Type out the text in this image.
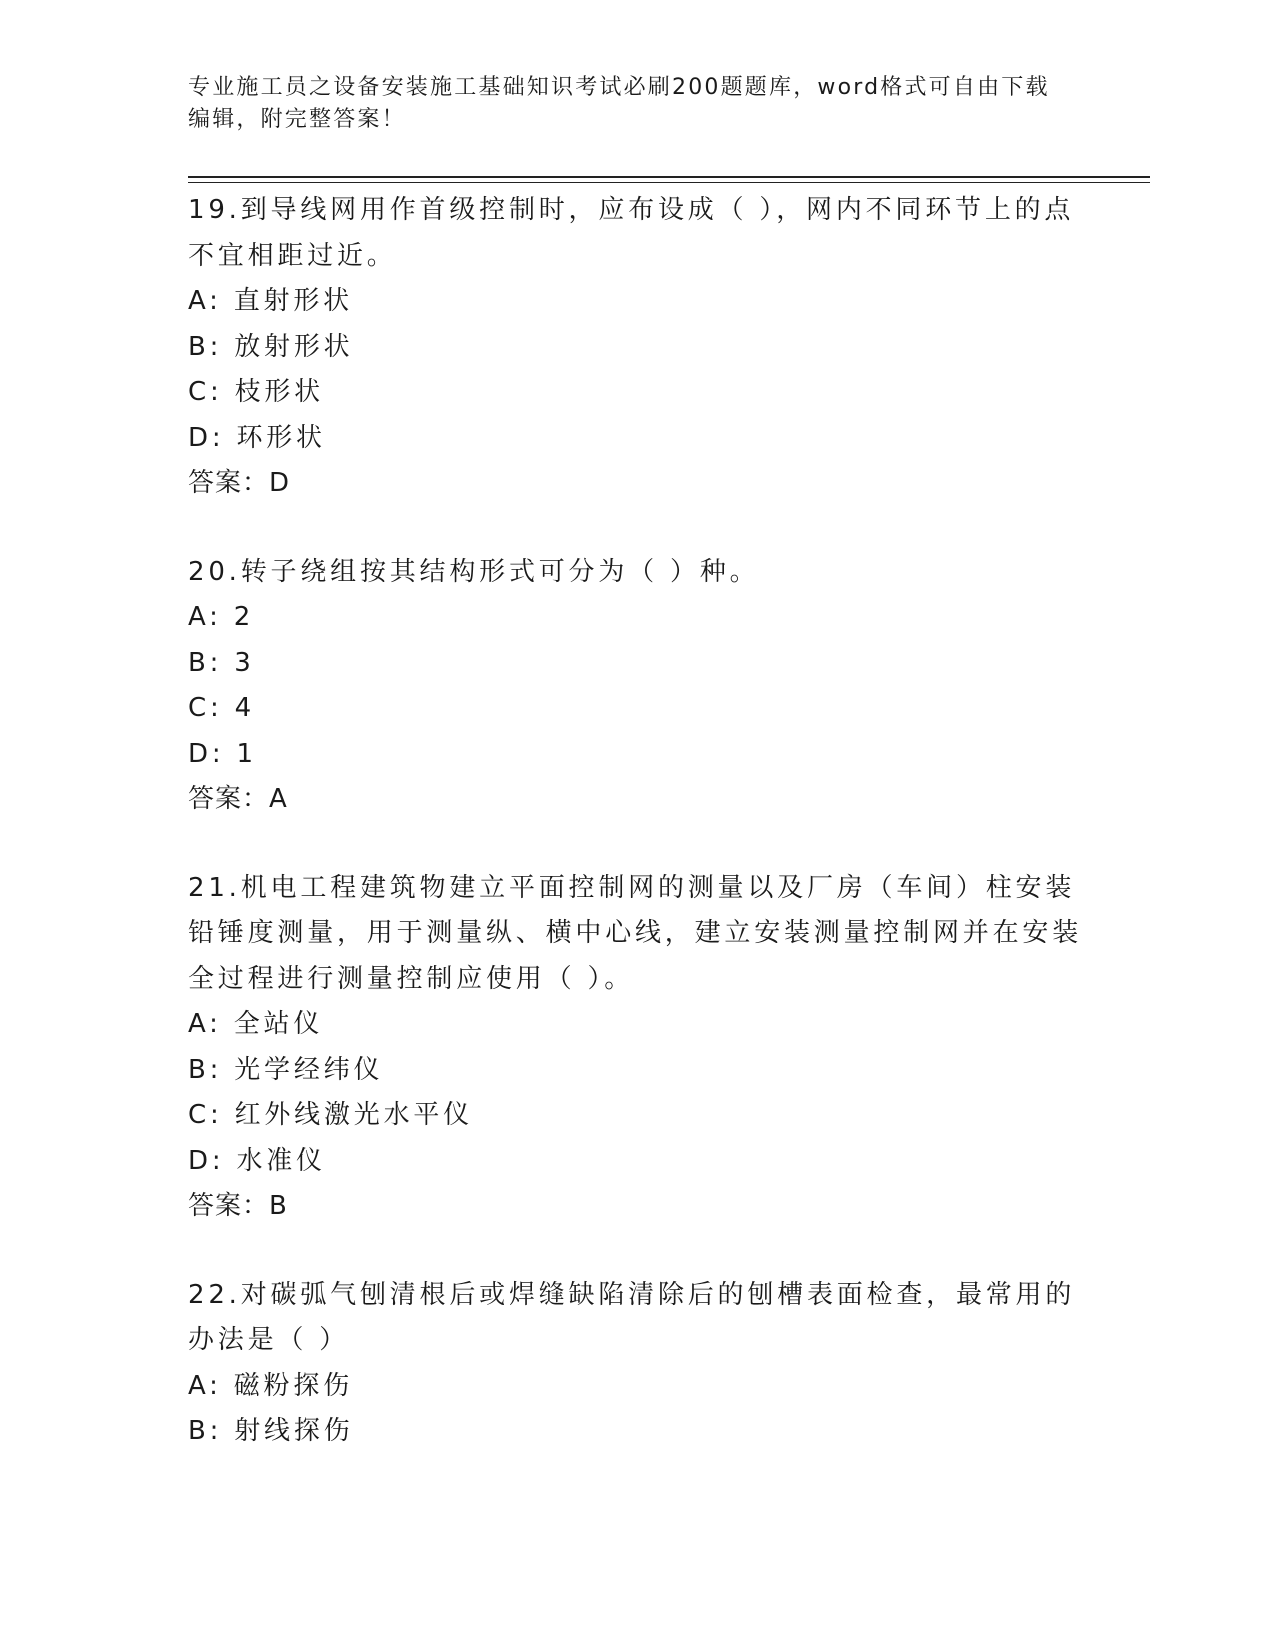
专业施工员之设备安装施工基础知识考试必刷200题题库，word格式可自由下载编辑，附完整答案！

19.到导线网用作首级控制时，应布设成（ ），网内不同环节上的点不宜相距过近。

A: 直射形状

B: 放射形状

C: 枝形状

D: 环形状

答案：D

20.转子绕组按其结构形式可分为（ ）种。

A: 2

B: 3

C: 4

D: 1

答案：A

21.机电工程建筑物建立平面控制网的测量以及厂房（车间）柱安装铅锤度测量，用于测量纵、横中心线，建立安装测量控制网并在安装全过程进行测量控制应使用（ ）。

A: 全站仪

B: 光学经纬仪

C: 红外线激光水平仪

D: 水准仪

答案：B

22.对碳弧气刨清根后或焊缝缺陷清除后的刨槽表面检查，最常用的办法是（ ）

A: 磁粉探伤

B: 射线探伤
